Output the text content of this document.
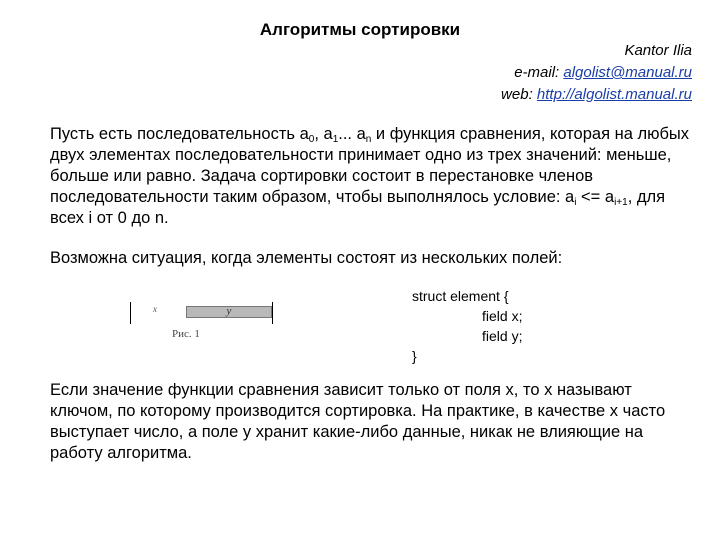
Алгоритмы сортировки
Kantor Ilia
e-mail: algolist@manual.ru
web: http://algolist.manual.ru
Пусть есть последовательность $a_0$, $a_1$... $a_n$ и функция сравнения, которая на любых двух элементах последовательности принимает одно из трех значений: меньше, больше или равно. Задача сортировки состоит в перестановке членов последовательности таким образом, чтобы выполнялось условие: $a_i <= a_{i+1}$, для всех i от 0 до n.
Возможна ситуация, когда элементы состоят из нескольких полей:
x	y
Рис. 1
struct element {
field x;
field y;
}
Если значение функции сравнения зависит только от поля x, то x называют ключом, по которому производится сортировка. На практике, в качестве x часто выступает число, а поле y хранит какие-либо данные, никак не влияющие на работу алгоритма.
